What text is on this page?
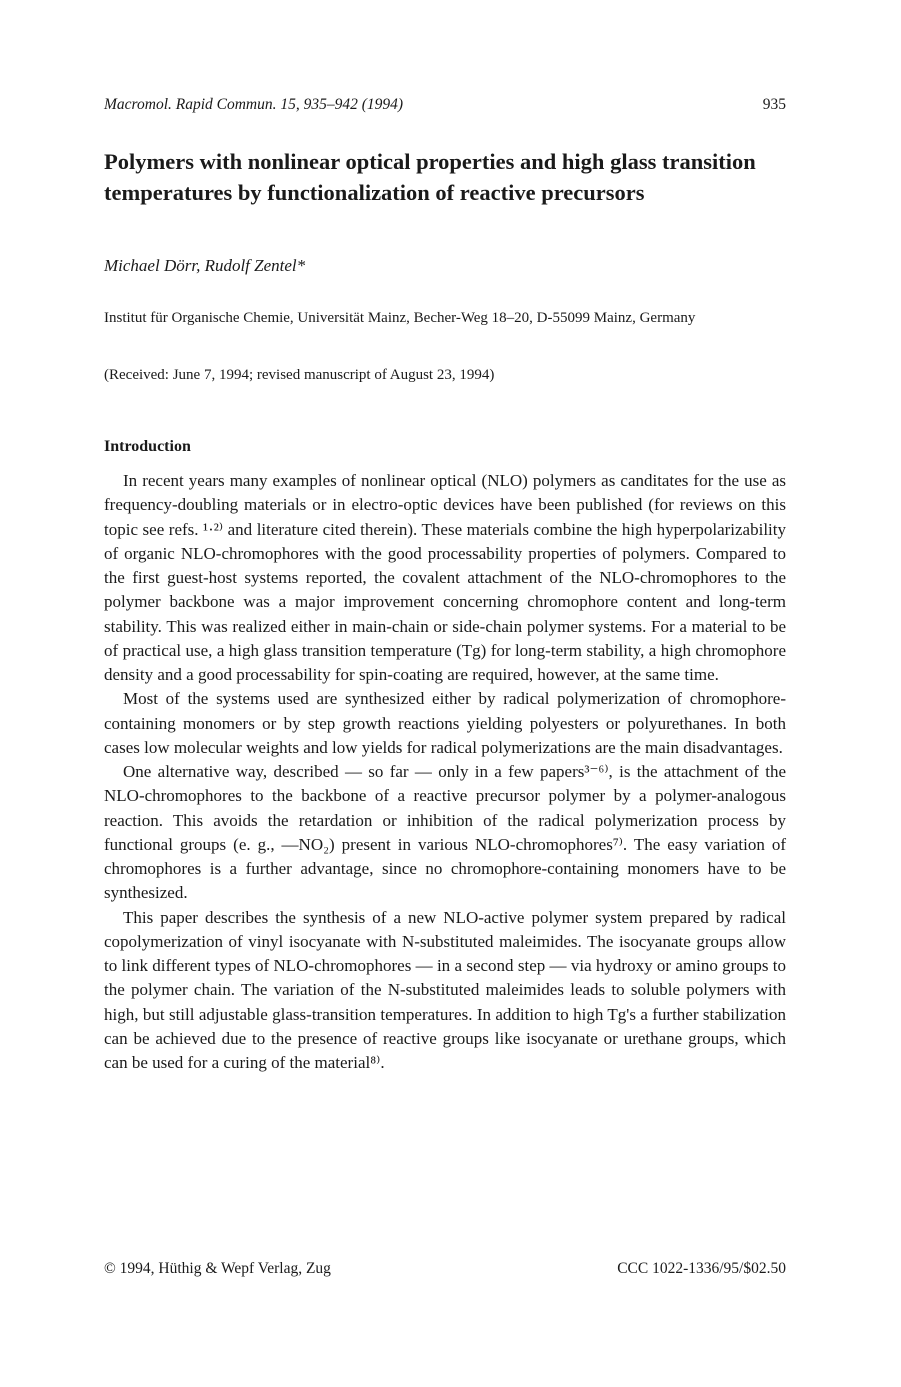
Macromol. Rapid Commun. 15, 935–942 (1994)	935
Polymers with nonlinear optical properties and high glass transition temperatures by functionalization of reactive precursors
Michael Dörr, Rudolf Zentel*
Institut für Organische Chemie, Universität Mainz, Becher-Weg 18–20, D-55099 Mainz, Germany
(Received: June 7, 1994; revised manuscript of August 23, 1994)
Introduction

In recent years many examples of nonlinear optical (NLO) polymers as canditates for the use as frequency-doubling materials or in electro-optic devices have been published (for reviews on this topic see refs. ¹·²⁾ and literature cited therein). These materials combine the high hyperpolarizability of organic NLO-chromophores with the good processability properties of polymers. Compared to the first guest-host systems reported, the covalent attachment of the NLO-chromophores to the polymer backbone was a major improvement concerning chromophore content and long-term stability. This was realized either in main-chain or side-chain polymer systems. For a material to be of practical use, a high glass transition temperature (Tg) for long-term stability, a high chromophore density and a good processability for spin-coating are required, however, at the same time.

Most of the systems used are synthesized either by radical polymerization of chromophore-containing monomers or by step growth reactions yielding polyesters or polyurethanes. In both cases low molecular weights and low yields for radical polymerizations are the main disadvantages.

One alternative way, described — so far — only in a few papers³⁻⁶⁾, is the attachment of the NLO-chromophores to the backbone of a reactive precursor polymer by a polymer-analogous reaction. This avoids the retardation or inhibition of the radical polymerization process by functional groups (e. g., —NO₂) present in various NLO-chromophores⁷⁾. The easy variation of chromophores is a further advantage, since no chromophore-containing monomers have to be synthesized.

This paper describes the synthesis of a new NLO-active polymer system prepared by radical copolymerization of vinyl isocyanate with N-substituted maleimides. The isocyanate groups allow to link different types of NLO-chromophores — in a second step — via hydroxy or amino groups to the polymer chain. The variation of the N-substituted maleimides leads to soluble polymers with high, but still adjustable glass-transition temperatures. In addition to high Tg's a further stabilization can be achieved due to the presence of reactive groups like isocyanate or urethane groups, which can be used for a curing of the material⁸⁾.

© 1994, Hüthig & Wepf Verlag, Zug	CCC 1022-1336/95/$02.50
